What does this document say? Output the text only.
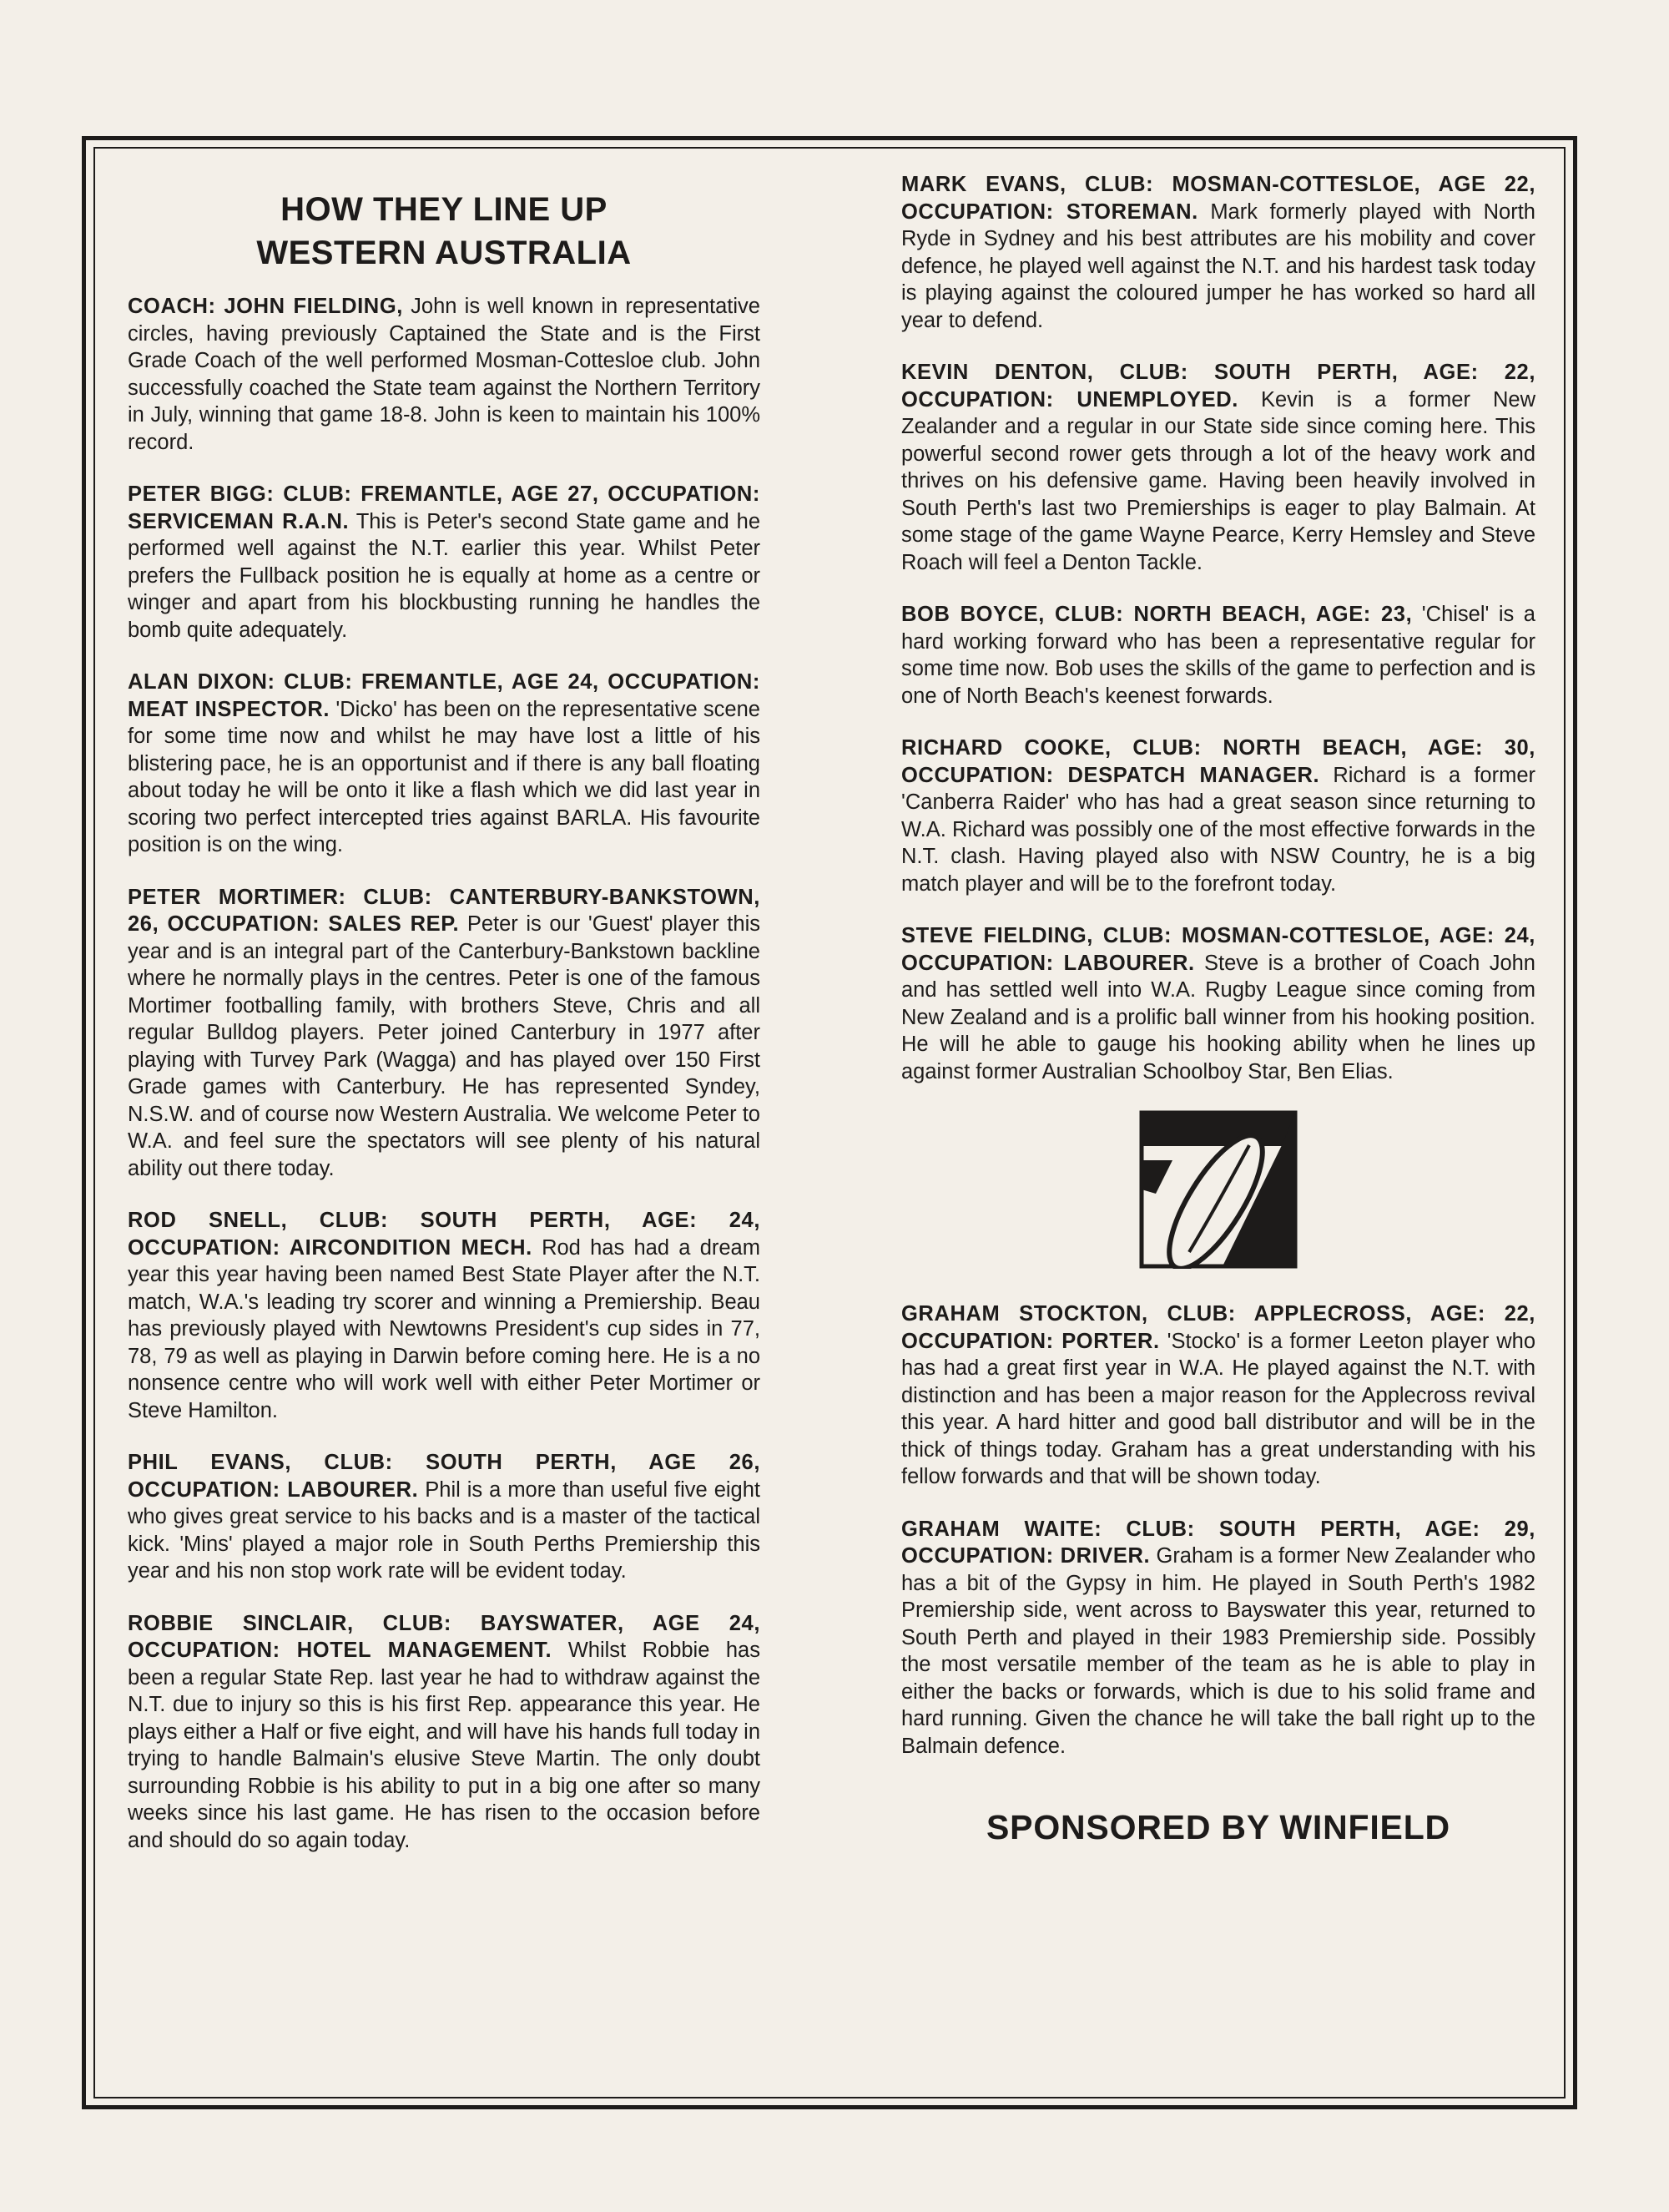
HOW THEY LINE UP
WESTERN AUSTRALIA

COACH: JOHN FIELDING, John is well known in representative circles, having previously Captained the State and is the First Grade Coach of the well performed Mosman-Cottesloe club. John successfully coached the State team against the Northern Territory in July, winning that game 18-8. John is keen to maintain his 100% record.

PETER BIGG: CLUB: FREMANTLE, AGE 27, OCCUPATION: SERVICEMAN R.A.N. This is Peter's second State game and he performed well against the N.T. earlier this year. Whilst Peter prefers the Fullback position he is equally at home as a centre or winger and apart from his blockbusting running he handles the bomb quite adequately.

ALAN DIXON: CLUB: FREMANTLE, AGE 24, OCCUPATION: MEAT INSPECTOR. 'Dicko' has been on the representative scene for some time now and whilst he may have lost a little of his blistering pace, he is an opportunist and if there is any ball floating about today he will be onto it like a flash which we did last year in scoring two perfect intercepted tries against BARLA. His favourite position is on the wing.

PETER MORTIMER: CLUB: CANTERBURY-BANKSTOWN, 26, OCCUPATION: SALES REP. Peter is our 'Guest' player this year and is an integral part of the Canterbury-Bankstown backline where he normally plays in the centres. Peter is one of the famous Mortimer footballing family, with brothers Steve, Chris and all regular Bulldog players. Peter joined Canterbury in 1977 after playing with Turvey Park (Wagga) and has played over 150 First Grade games with Canterbury. He has represented Syndey, N.S.W. and of course now Western Australia. We welcome Peter to W.A. and feel sure the spectators will see plenty of his natural ability out there today.

ROD SNELL, CLUB: SOUTH PERTH, AGE: 24, OCCUPATION: AIRCONDITION MECH. Rod has had a dream year this year having been named Best State Player after the N.T. match, W.A.'s leading try scorer and winning a Premiership. Beau has previously played with Newtowns President's cup sides in 77, 78, 79 as well as playing in Darwin before coming here. He is a no nonsence centre who will work well with either Peter Mortimer or Steve Hamilton.

PHIL EVANS, CLUB: SOUTH PERTH, AGE 26, OCCUPATION: LABOURER. Phil is a more than useful five eight who gives great service to his backs and is a master of the tactical kick. 'Mins' played a major role in South Perths Premiership this year and his non stop work rate will be evident today.

ROBBIE SINCLAIR, CLUB: BAYSWATER, AGE 24, OCCUPATION: HOTEL MANAGEMENT. Whilst Robbie has been a regular State Rep. last year he had to withdraw against the N.T. due to injury so this is his first Rep. appearance this year. He plays either a Half or five eight, and will have his hands full today in trying to handle Balmain's elusive Steve Martin. The only doubt surrounding Robbie is his ability to put in a big one after so many weeks since his last game. He has risen to the occasion before and should do so again today.

MARK EVANS, CLUB: MOSMAN-COTTESLOE, AGE 22, OCCUPATION: STOREMAN. Mark formerly played with North Ryde in Sydney and his best attributes are his mobility and cover defence, he played well against the N.T. and his hardest task today is playing against the coloured jumper he has worked so hard all year to defend.

KEVIN DENTON, CLUB: SOUTH PERTH, AGE: 22, OCCUPATION: UNEMPLOYED. Kevin is a former New Zealander and a regular in our State side since coming here. This powerful second rower gets through a lot of the heavy work and thrives on his defensive game. Having been heavily involved in South Perth's last two Premierships is eager to play Balmain. At some stage of the game Wayne Pearce, Kerry Hemsley and Steve Roach will feel a Denton Tackle.

BOB BOYCE, CLUB: NORTH BEACH, AGE: 23, 'Chisel' is a hard working forward who has been a representative regular for some time now. Bob uses the skills of the game to perfection and is one of North Beach's keenest forwards.

RICHARD COOKE, CLUB: NORTH BEACH, AGE: 30, OCCUPATION: DESPATCH MANAGER. Richard is a former 'Canberra Raider' who has had a great season since returning to W.A. Richard was possibly one of the most effective forwards in the N.T. clash. Having played also with NSW Country, he is a big match player and will be to the forefront today.

STEVE FIELDING, CLUB: MOSMAN-COTTESLOE, AGE: 24, OCCUPATION: LABOURER. Steve is a brother of Coach John and has settled well into W.A. Rugby League since coming from New Zealand and is a prolific ball winner from his hooking position. He will he able to gauge his hooking ability when he lines up against former Australian Schoolboy Star, Ben Elias.

GRAHAM STOCKTON, CLUB: APPLECROSS, AGE: 22, OCCUPATION: PORTER. 'Stocko' is a former Leeton player who has had a great first year in W.A. He played against the N.T. with distinction and has been a major reason for the Applecross revival this year. A hard hitter and good ball distributor and will be in the thick of things today. Graham has a great understanding with his fellow forwards and that will be shown today.

GRAHAM WAITE: CLUB: SOUTH PERTH, AGE: 29, OCCUPATION: DRIVER. Graham is a former New Zealander who has a bit of the Gypsy in him. He played in South Perth's 1982 Premiership side, went across to Bayswater this year, returned to South Perth and played in their 1983 Premiership side. Possibly the most versatile member of the team as he is able to play in either the backs or forwards, which is due to his solid frame and hard running. Given the chance he will take the ball right up to the Balmain defence.

SPONSORED BY WINFIELD
